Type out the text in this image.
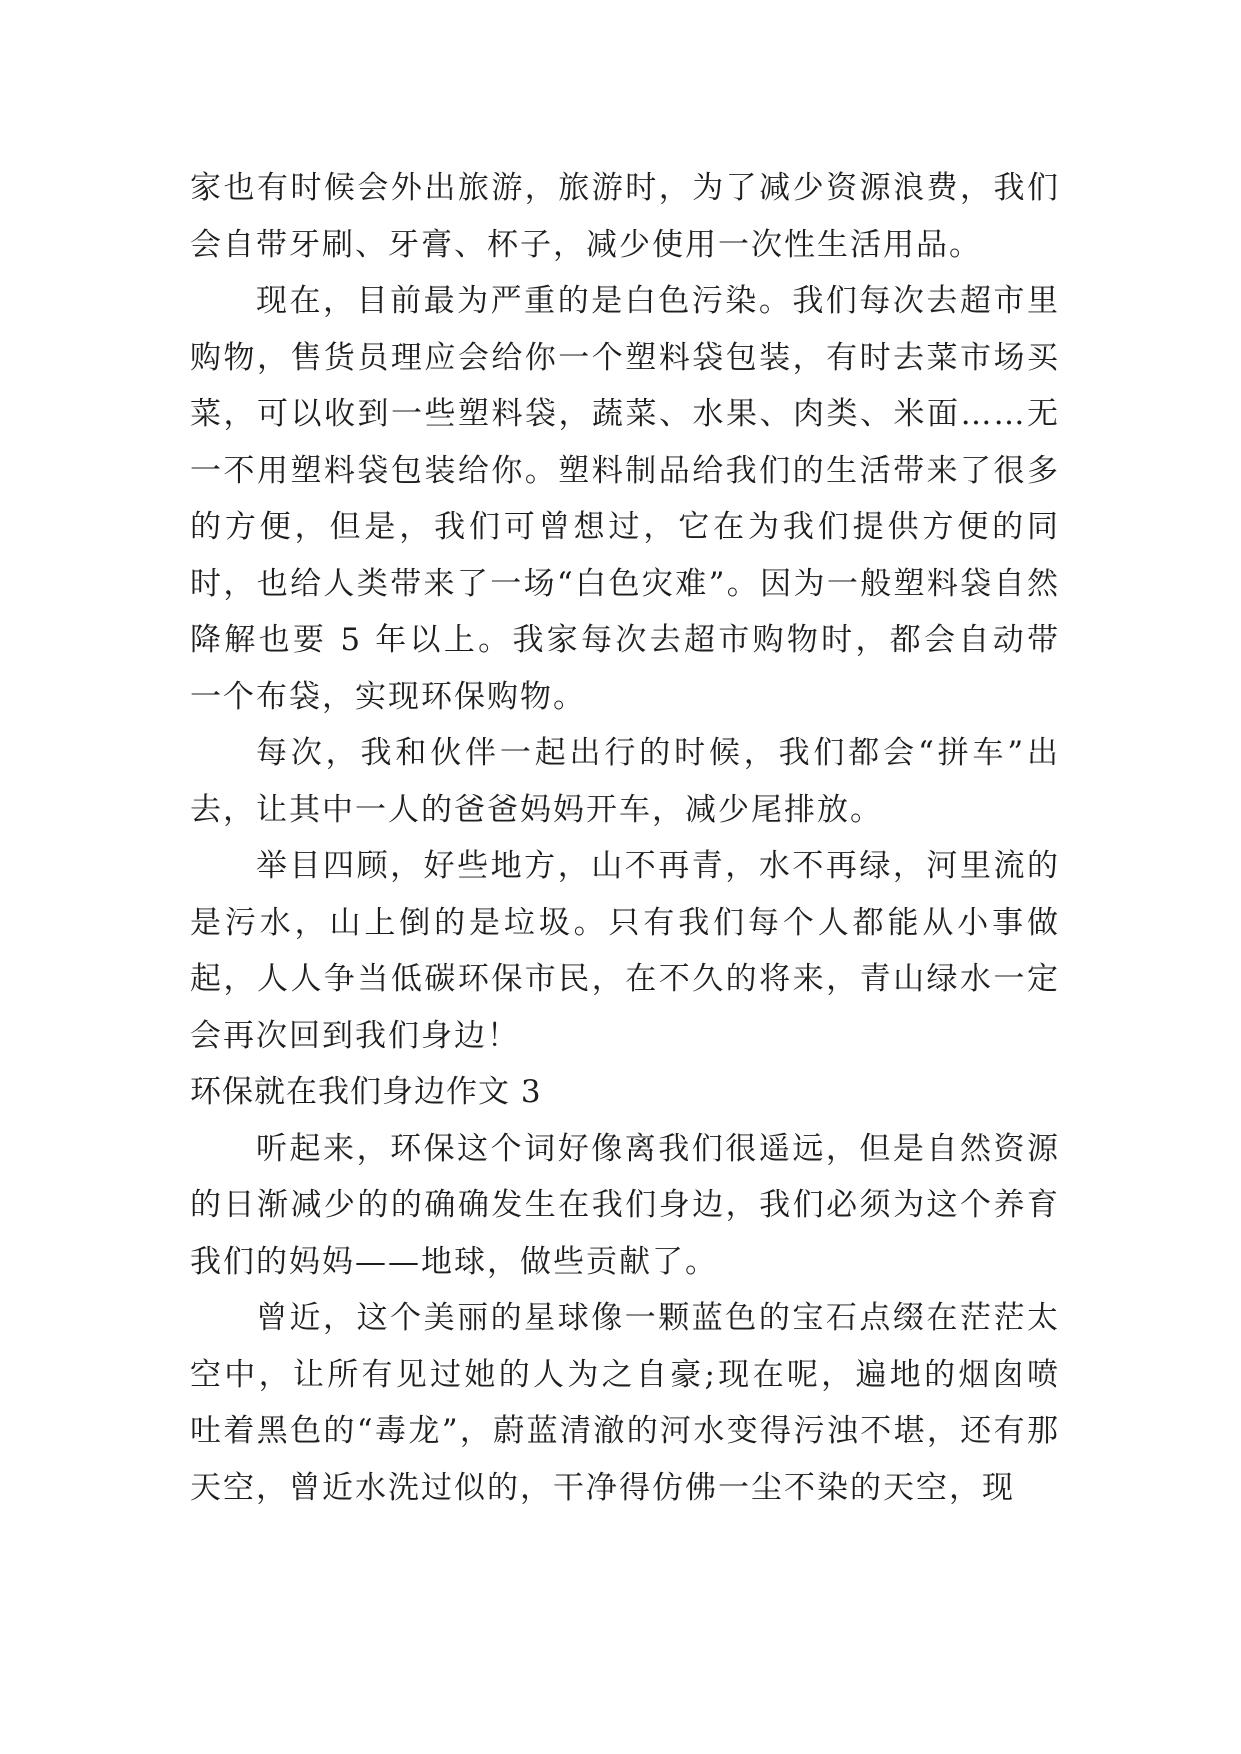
家也有时候会外出旅游，旅游时，为了减少资源浪费，我们会自带牙刷、牙膏、杯子，减少使用一次性生活用品。

现在，目前最为严重的是白色污染。我们每次去超市里购物，售货员理应会给你一个塑料袋包装，有时去菜市场买菜，可以收到一些塑料袋，蔬菜、水果、肉类、米面……无一不用塑料袋包装给你。塑料制品给我们的生活带来了很多的方便，但是，我们可曾想过，它在为我们提供方便的同时，也给人类带来了一场“白色灾难”。因为一般塑料袋自然降解也要 5 年以上。我家每次去超市购物时，都会自动带一个布袋，实现环保购物。

每次，我和伙伴一起出行的时候，我们都会“拼车”出去，让其中一人的爸爸妈妈开车，减少尾排放。

举目四顾，好些地方，山不再青，水不再绿，河里流的是污水，山上倒的是垃圾。只有我们每个人都能从小事做起，人人争当低碳环保市民，在不久的将来，青山绿水一定会再次回到我们身边！

环保就在我们身边作文 3

听起来，环保这个词好像离我们很遥远，但是自然资源的日渐减少的的确确发生在我们身边，我们必须为这个养育我们的妈妈——地球，做些贡献了。

曾近，这个美丽的星球像一颗蓝色的宝石点缀在茫茫太空中，让所有见过她的人为之自豪;现在呢，遍地的烟囱喷吐着黑色的“毒龙”，蔚蓝清澈的河水变得污浊不堪，还有那天空，曾近水洗过似的，干净得仿佛一尘不染的天空，现
